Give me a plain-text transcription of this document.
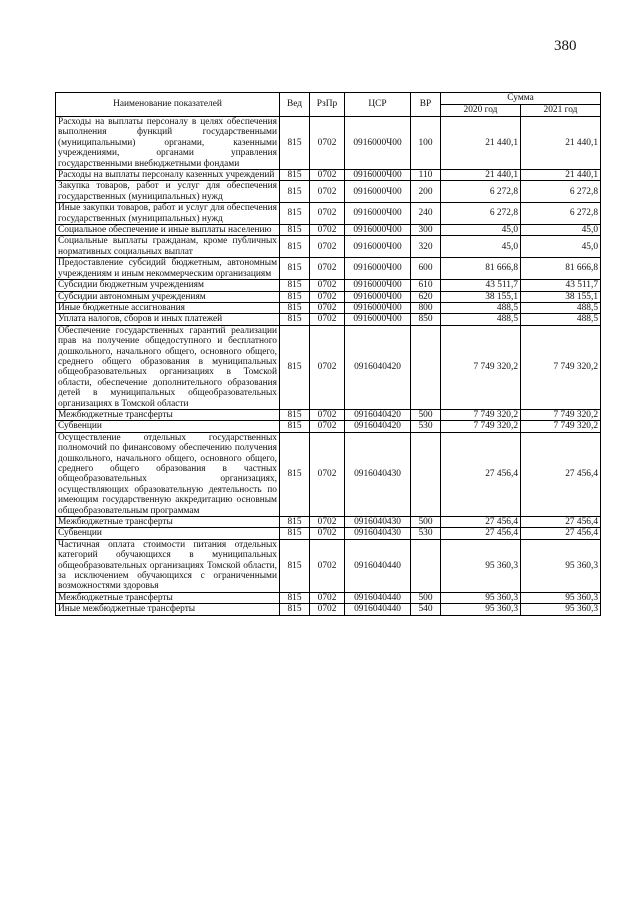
380
Наименование показателей	Вед	РзПр	ЦСР	ВР	Сумма	
					2020 год	2021 год
Расходы на выплаты персоналу в целях обеспечения выполнения функций государственными (муниципальными) органами, казенными учреждениями, органами управления государственными внебюджетными фондами	815	0702	0916000Ч00	100	21 440,1	21 440,1
Расходы на выплаты персоналу казенных учреждений	815	0702	0916000Ч00	110	21 440,1	21 440,1
Закупка товаров, работ и услуг для обеспечения государственных (муниципальных) нужд	815	0702	0916000Ч00	200	6 272,8	6 272,8
Иные закупки товаров, работ и услуг для обеспечения государственных (муниципальных) нужд	815	0702	0916000Ч00	240	6 272,8	6 272,8
Социальное обеспечение и иные выплаты населению	815	0702	0916000Ч00	300	45,0	45,0
Социальные выплаты гражданам, кроме публичных нормативных социальных выплат	815	0702	0916000Ч00	320	45,0	45,0
Предоставление субсидий бюджетным, автономным учреждениям и иным некоммерческим организациям	815	0702	0916000Ч00	600	81 666,8	81 666,8
Субсидии бюджетным учреждениям	815	0702	0916000Ч00	610	43 511,7	43 511,7
Субсидии автономным учреждениям	815	0702	0916000Ч00	620	38 155,1	38 155,1
Иные бюджетные ассигнования	815	0702	0916000Ч00	800	488,5	488,5
Уплата налогов, сборов и иных платежей	815	0702	0916000Ч00	850	488,5	488,5
Обеспечение государственных гарантий реализации прав на получение общедоступного и бесплатного дошкольного, начального общего, основного общего, среднего общего образования в муниципальных общеобразовательных организациях в Томской области, обеспечение дополнительного образования детей в муниципальных общеобразовательных организациях в Томской области	815	0702	0916040420		7 749 320,2	7 749 320,2
Межбюджетные трансферты	815	0702	0916040420	500	7 749 320,2	7 749 320,2
Субвенции	815	0702	0916040420	530	7 749 320,2	7 749 320,2
Осуществление отдельных государственных полномочий по финансовому обеспечению получения дошкольного, начального общего, основного общего, среднего общего образования в частных общеобразовательных организациях, осуществляющих образовательную деятельность по имеющим государственную аккредитацию основным общеобразовательным программам	815	0702	0916040430		27 456,4	27 456,4
Межбюджетные трансферты	815	0702	0916040430	500	27 456,4	27 456,4
Субвенции	815	0702	0916040430	530	27 456,4	27 456,4
Частичная оплата стоимости питания отдельных категорий обучающихся в муниципальных общеобразовательных организациях Томской области, за исключением обучающихся с ограниченными возможностями здоровья	815	0702	0916040440		95 360,3	95 360,3
Межбюджетные трансферты	815	0702	0916040440	500	95 360,3	95 360,3
Иные межбюджетные трансферты	815	0702	0916040440	540	95 360,3	95 360,3
